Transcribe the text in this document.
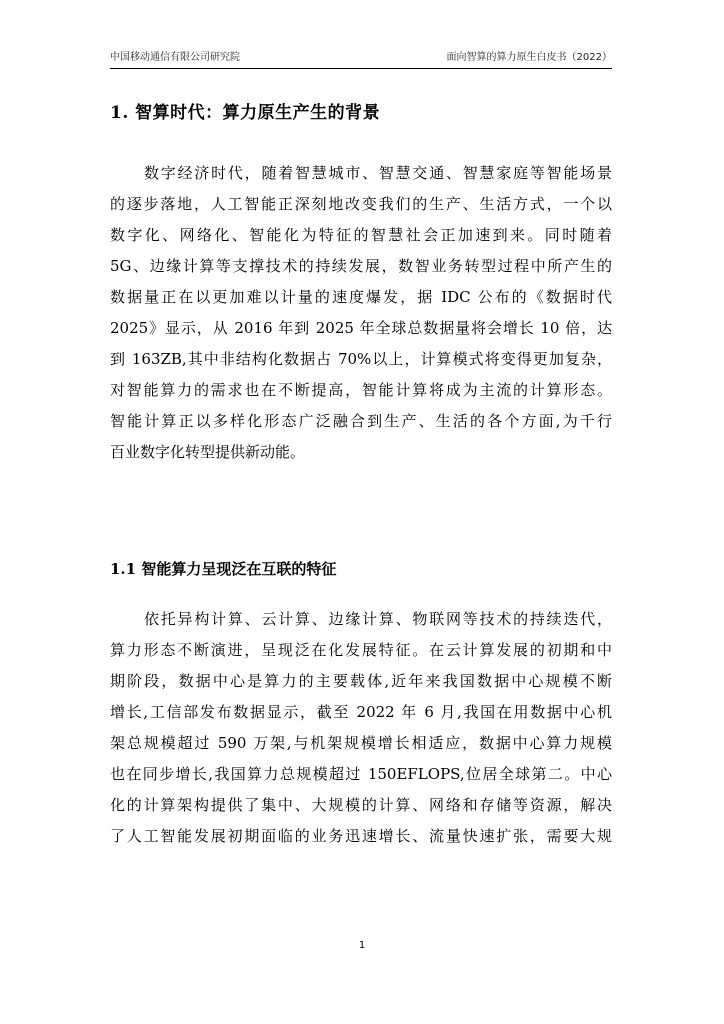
中国移动通信有限公司研究院	面向智算的算力原生白皮书（2022）
1. 智算时代：算力原生产生的背景
数字经济时代，随着智慧城市、智慧交通、智慧家庭等智能场景
的逐步落地，人工智能正深刻地改变我们的生产、生活方式，一个以
数字化、网络化、智能化为特征的智慧社会正加速到来。同时随着
5G、边缘计算等支撑技术的持续发展，数智业务转型过程中所产生的
数据量正在以更加难以计量的速度爆发，据 IDC 公布的《数据时代
2025》显示，从 2016 年到 2025 年全球总数据量将会增长 10 倍，达
到 163ZB,其中非结构化数据占 70%以上，计算模式将变得更加复杂，
对智能算力的需求也在不断提高，智能计算将成为主流的计算形态。
智能计算正以多样化形态广泛融合到生产、生活的各个方面,为千行
百业数字化转型提供新动能。
1.1 智能算力呈现泛在互联的特征
依托异构计算、云计算、边缘计算、物联网等技术的持续迭代，
算力形态不断演进，呈现泛在化发展特征。在云计算发展的初期和中
期阶段，数据中心是算力的主要载体,近年来我国数据中心规模不断
增长,工信部发布数据显示，截至 2022 年 6 月,我国在用数据中心机
架总规模超过 590 万架,与机架规模增长相适应，数据中心算力规模
也在同步增长,我国算力总规模超过 150EFLOPS,位居全球第二。中心
化的计算架构提供了集中、大规模的计算、网络和存储等资源，解决
了人工智能发展初期面临的业务迅速增长、流量快速扩张，需要大规
1
